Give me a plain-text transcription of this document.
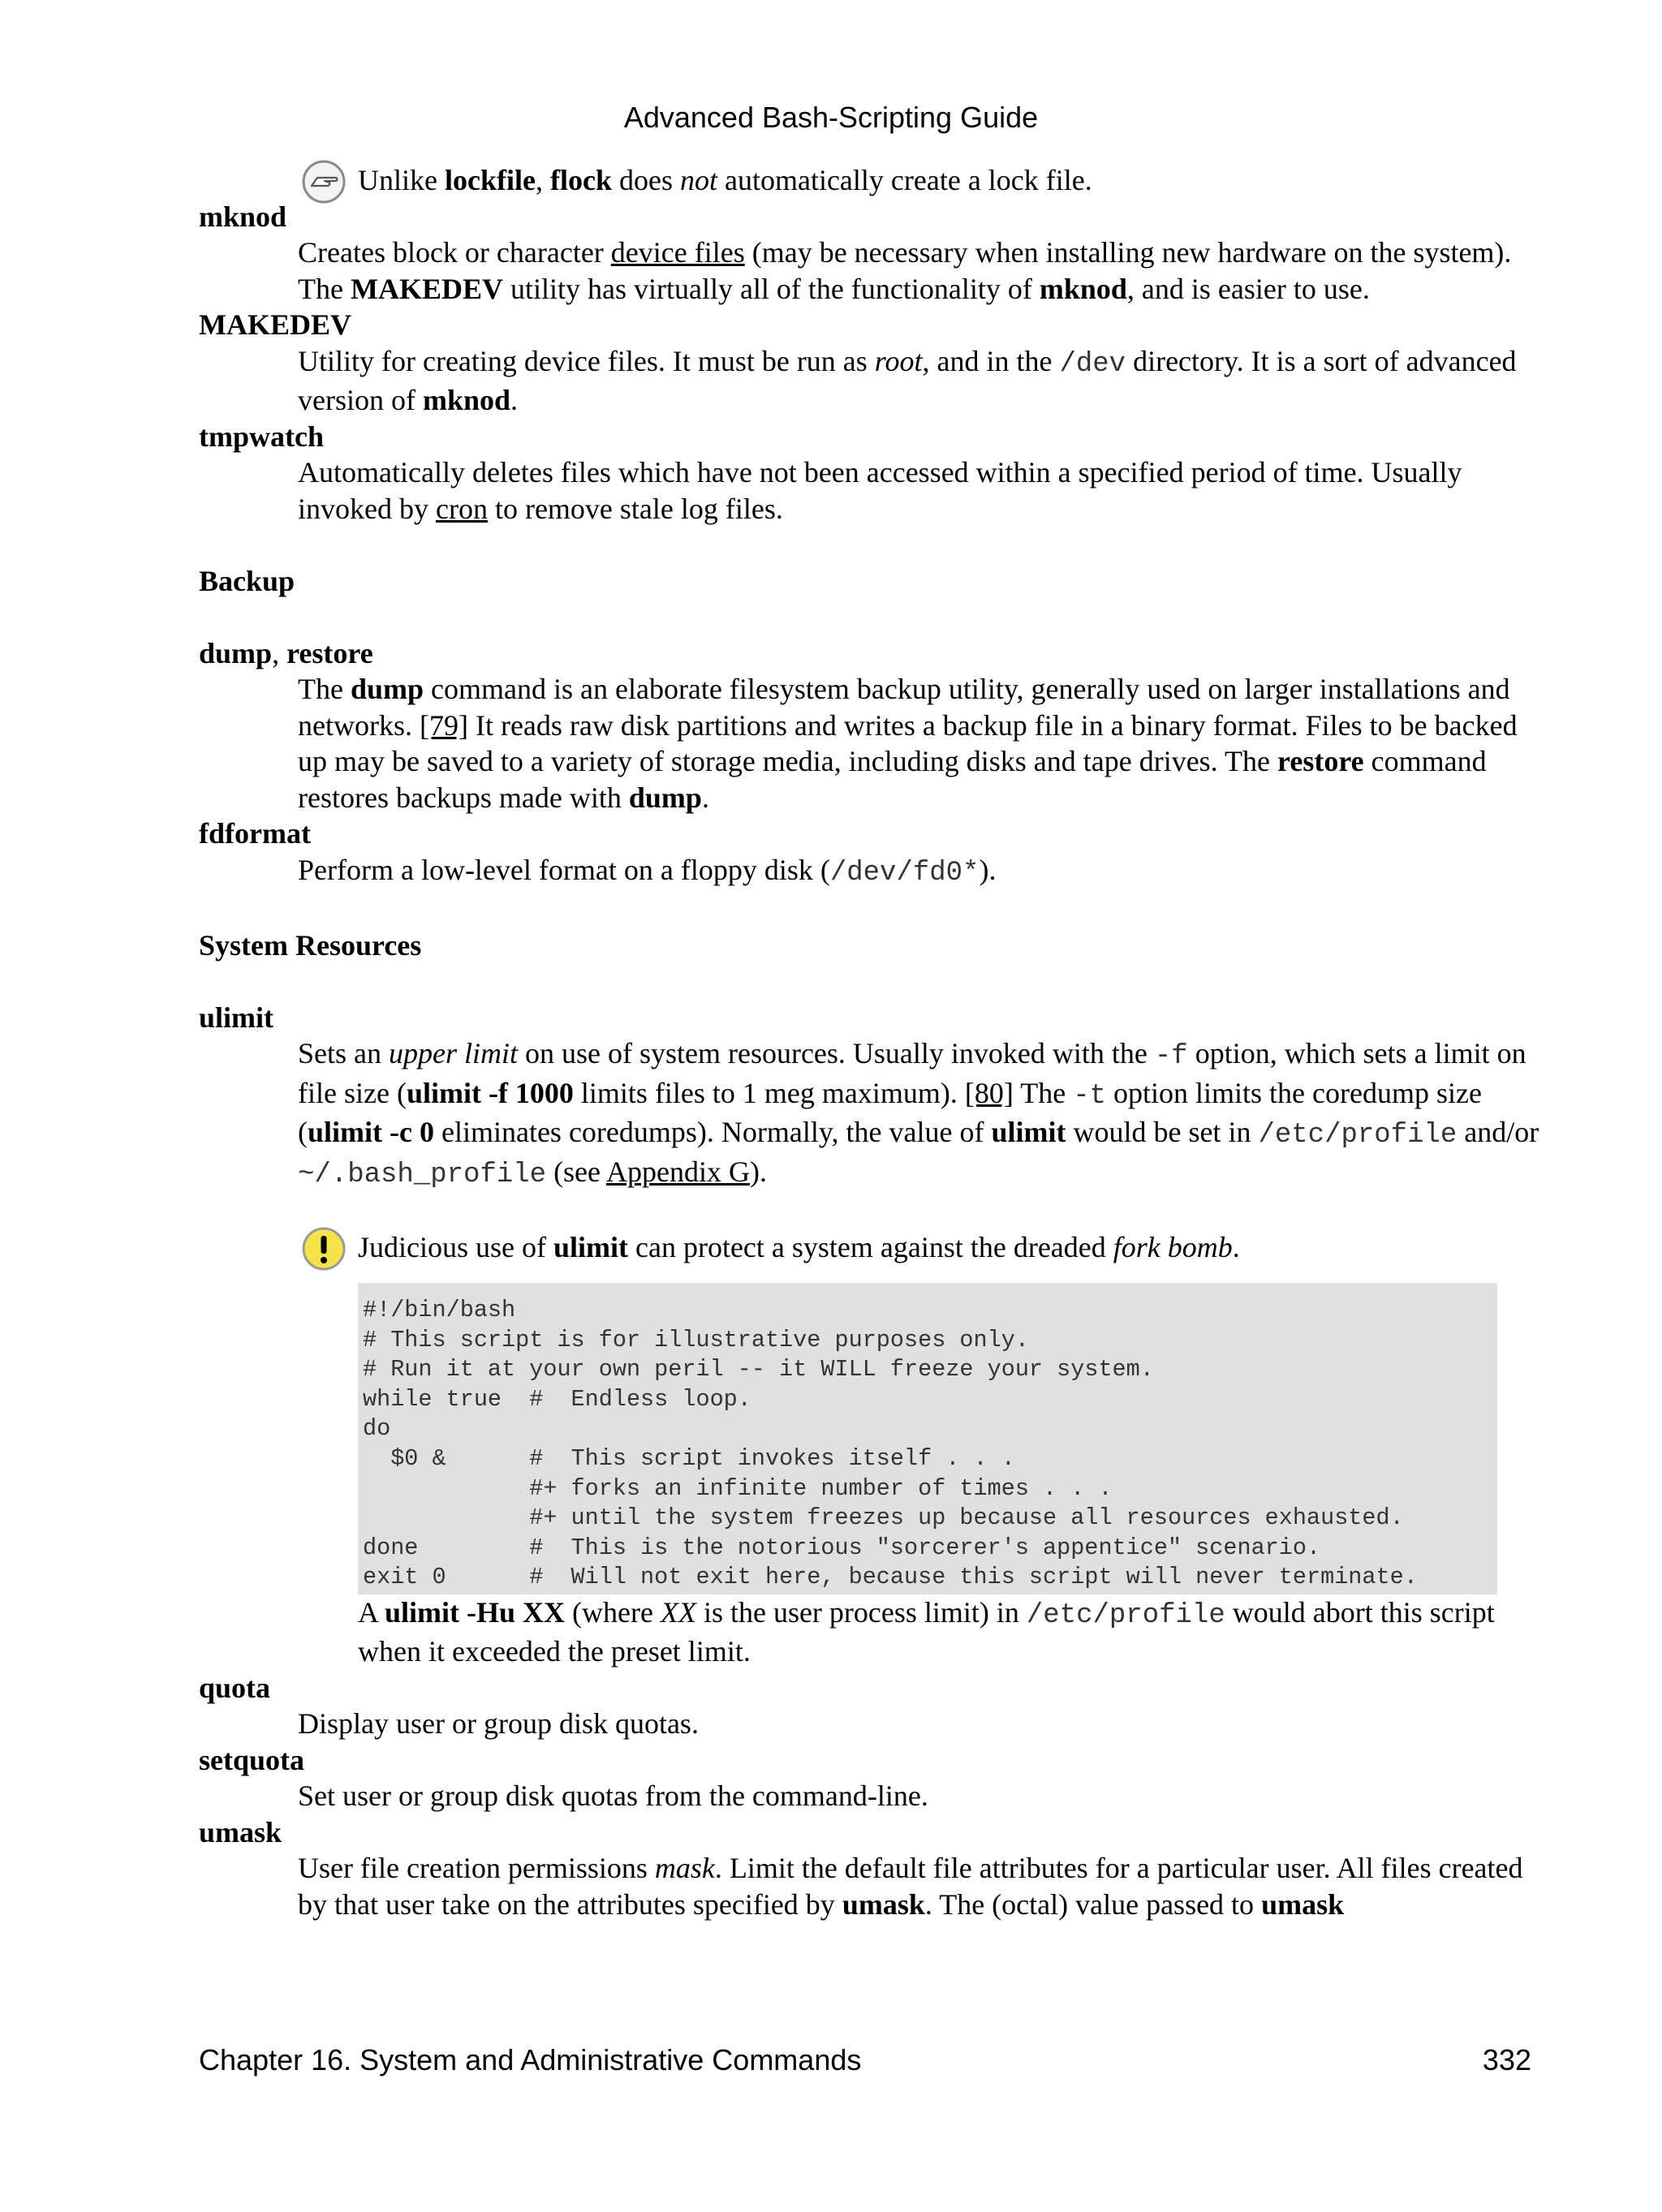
Advanced Bash-Scripting Guide
Unlike lockfile, flock does not automatically create a lock file.
mknod
Creates block or character device files (may be necessary when installing new hardware on the system). The MAKEDEV utility has virtually all of the functionality of mknod, and is easier to use.
MAKEDEV
Utility for creating device files. It must be run as root, and in the /dev directory. It is a sort of advanced version of mknod.
tmpwatch
Automatically deletes files which have not been accessed within a specified period of time. Usually invoked by cron to remove stale log files.
Backup
dump, restore
The dump command is an elaborate filesystem backup utility, generally used on larger installations and networks. [79] It reads raw disk partitions and writes a backup file in a binary format. Files to be backed up may be saved to a variety of storage media, including disks and tape drives. The restore command restores backups made with dump.
fdformat
Perform a low-level format on a floppy disk (/dev/fd0*).
System Resources
ulimit
Sets an upper limit on use of system resources. Usually invoked with the -f option, which sets a limit on file size (ulimit -f 1000 limits files to 1 meg maximum). [80] The -t option limits the coredump size (ulimit -c 0 eliminates coredumps). Normally, the value of ulimit would be set in /etc/profile and/or ~/.bash_profile (see Appendix G).
Judicious use of ulimit can protect a system against the dreaded fork bomb.
#!/bin/bash
# This script is for illustrative purposes only.
# Run it at your own peril -- it WILL freeze your system.
while true  #  Endless loop.
do
$0 &      #  This script invokes itself . . .
#+ forks an infinite number of times . . .
#+ until the system freezes up because all resources exhausted.
done        #  This is the notorious "sorcerer's appentice" scenario.
exit 0      #  Will not exit here, because this script will never terminate.
A ulimit -Hu XX (where XX is the user process limit) in /etc/profile would abort this script when it exceeded the preset limit.
quota
Display user or group disk quotas.
setquota
Set user or group disk quotas from the command-line.
umask
User file creation permissions mask. Limit the default file attributes for a particular user. All files created by that user take on the attributes specified by umask. The (octal) value passed to umask
Chapter 16. System and Administrative Commands	332
